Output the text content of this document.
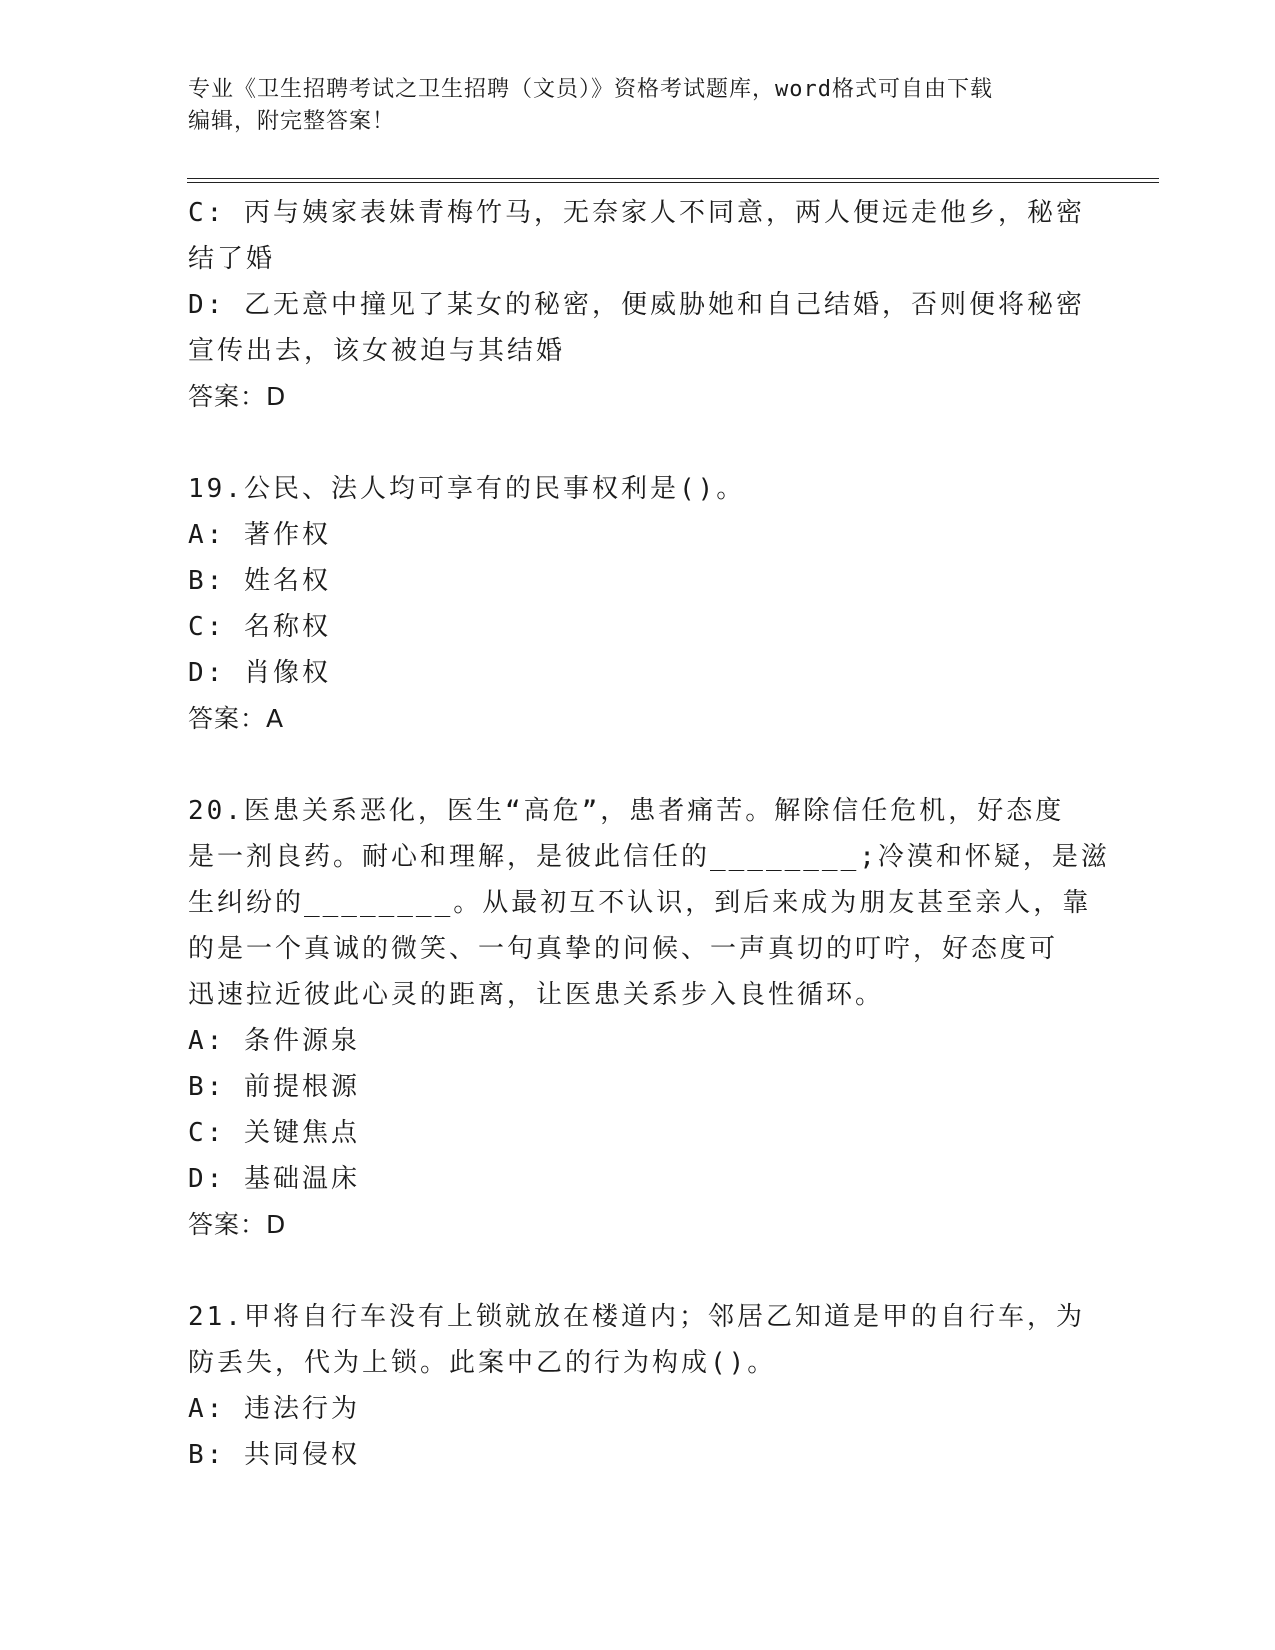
专业《卫生招聘考试之卫生招聘（文员）》资格考试题库，word格式可自由下载
编辑，附完整答案！
C: 丙与姨家表妹青梅竹马，无奈家人不同意，两人便远走他乡，秘密
结了婚
D: 乙无意中撞见了某女的秘密，便威胁她和自己结婚，否则便将秘密
宣传出去，该女被迫与其结婚
答案：D
19.公民、法人均可享有的民事权利是()。
A: 著作权
B: 姓名权
C: 名称权
D: 肖像权
答案：A
20.医患关系恶化，医生“高危”，患者痛苦。解除信任危机，好态度
是一剂良药。耐心和理解，是彼此信任的________;冷漠和怀疑，是滋
生纠纷的________。从最初互不认识，到后来成为朋友甚至亲人，靠
的是一个真诚的微笑、一句真挚的问候、一声真切的叮咛，好态度可
迅速拉近彼此心灵的距离，让医患关系步入良性循环。
A: 条件源泉
B: 前提根源
C: 关键焦点
D: 基础温床
答案：D
21.甲将自行车没有上锁就放在楼道内；邻居乙知道是甲的自行车，为
防丢失，代为上锁。此案中乙的行为构成()。
A: 违法行为
B: 共同侵权
